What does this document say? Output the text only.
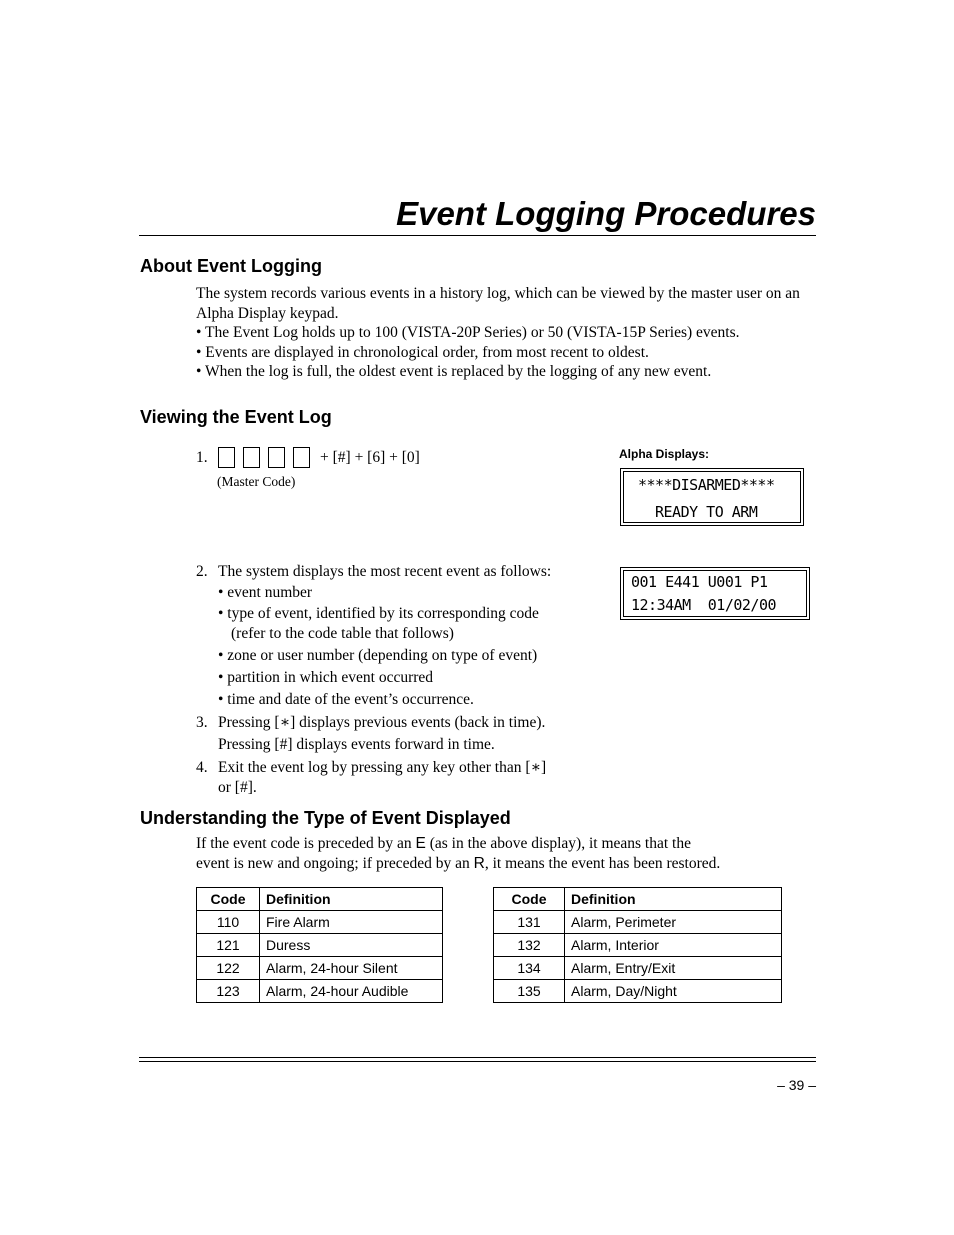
Event Logging Procedures
About Event Logging

The system records various events in a history log, which can be viewed by the master user on an Alpha Display keypad.

• The Event Log holds up to 100 (VISTA-20P Series) or 50 (VISTA-15P Series) events.

• Events are displayed in chronological order, from most recent to oldest.

• When the log is full, the oldest event is replaced by the logging of any new event.

Viewing the Event Log
1.	+ [#] + [6] + [0]
(Master Code)
Alpha Displays:
****DISARMED****
READY TO ARM
001 E441 U001 P1
12:34AM  01/02/00
2. The system displays the most recent event as follows:
• event number
• type of event, identified by its corresponding code
(refer to the code table that follows)
• zone or user number (depending on type of event)
• partition in which event occurred
• time and date of the event’s occurrence.
3. Pressing [∗] displays previous events (back in time).
Pressing [#] displays events forward in time.
4. Exit the event log by pressing any key other than [∗]
or [#].
Understanding the Type of Event Displayed

If the event code is preceded by an E (as in the above display), it means that the

event is new and ongoing; if preceded by an R, it means the event has been restored.

Code	Definition
110	Fire Alarm
121	Duress
122	Alarm, 24-hour Silent
123	Alarm, 24-hour Audible
Code	Definition
131	Alarm, Perimeter
132	Alarm, Interior
134	Alarm, Entry/Exit
135	Alarm, Day/Night
– 39 –
